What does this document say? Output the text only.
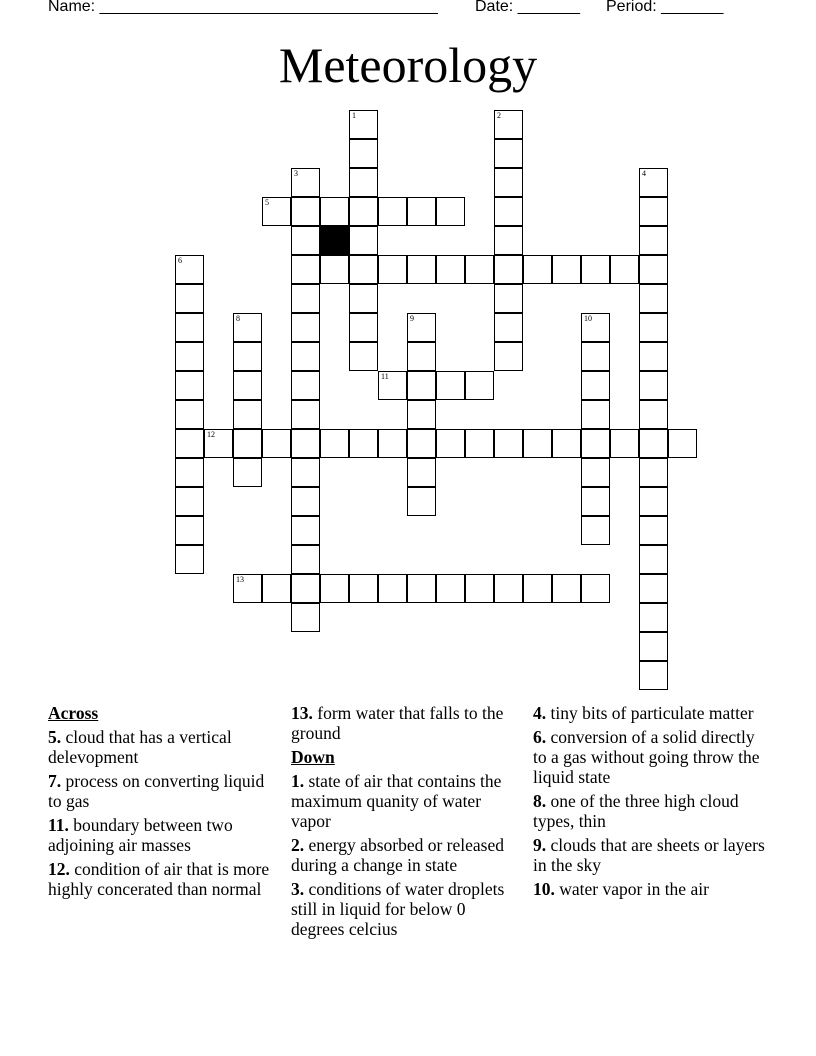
Name: ______________________________________ Date: _______ Period: _______
Meteorology
1	2
3	4
5
6
8	9	10
11
12
13
Across
5. cloud that has a vertical delevopment
7. process on converting liquid to gas
11. boundary between two adjoining air masses
12. condition of air that is more highly concerated than normal
13. form water that falls to the ground
Down
1. state of air that contains the maximum quanity of water vapor
2. energy absorbed or released during a change in state
3. conditions of water droplets still in liquid for below 0 degrees celcius
4. tiny bits of particulate matter
6. conversion of a solid directly to a gas without going throw the liquid state
8. one of the three high cloud types, thin
9. clouds that are sheets or layers in the sky
10. water vapor in the air
